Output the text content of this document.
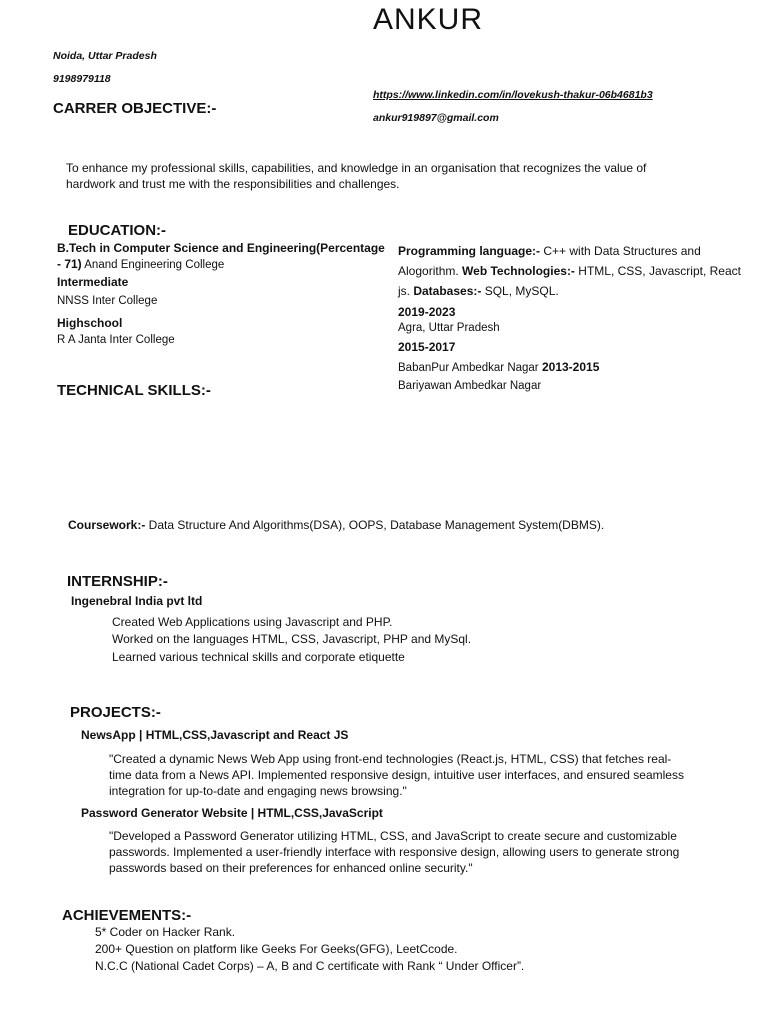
ANKUR
Noida, Uttar Pradesh
9198979118
https://www.linkedin.com/in/lovekush-thakur-06b4681b3
ankur919897@gmail.com
CARRER OBJECTIVE:-
To enhance my professional skills, capabilities, and knowledge in an organisation that recognizes the value of hardwork and trust me with the responsibilities and challenges.
EDUCATION:-
B.Tech in Computer Science and Engineering(Percentage - 71) Anand Engineering College
Intermediate
NNSS Inter College
Highschool
R A Janta Inter College
Programming language:- C++ with Data Structures and Alogorithm. Web Technologies:- HTML, CSS, Javascript, React js. Databases:- SQL, MySQL.
2019-2023
Agra, Uttar Pradesh
2015-2017
BabanPur Ambedkar Nagar 2013-2015
Bariyawan Ambedkar Nagar
TECHNICAL SKILLS:-
Coursework:- Data Structure And Algorithms(DSA), OOPS, Database Management System(DBMS).
INTERNSHIP:-
Ingenebral India pvt ltd
Created Web Applications using Javascript and PHP.
Worked on the languages HTML, CSS, Javascript, PHP and MySql.
Learned various technical skills and corporate etiquette
PROJECTS:-
NewsApp | HTML,CSS,Javascript and React JS
"Created a dynamic News Web App using front-end technologies (React.js, HTML, CSS) that fetches real-time data from a News API. Implemented responsive design, intuitive user interfaces, and ensured seamless integration for up-to-date and engaging news browsing."
Password Generator Website | HTML,CSS,JavaScript
"Developed a Password Generator utilizing HTML, CSS, and JavaScript to create secure and customizable passwords. Implemented a user-friendly interface with responsive design, allowing users to generate strong passwords based on their preferences for enhanced online security."
ACHIEVEMENTS:-
5* Coder on Hacker Rank.
200+ Question on platform like Geeks For Geeks(GFG), LeetCcode.
N.C.C (National Cadet Corps) – A, B and C certificate with Rank “ Under Officer”.
